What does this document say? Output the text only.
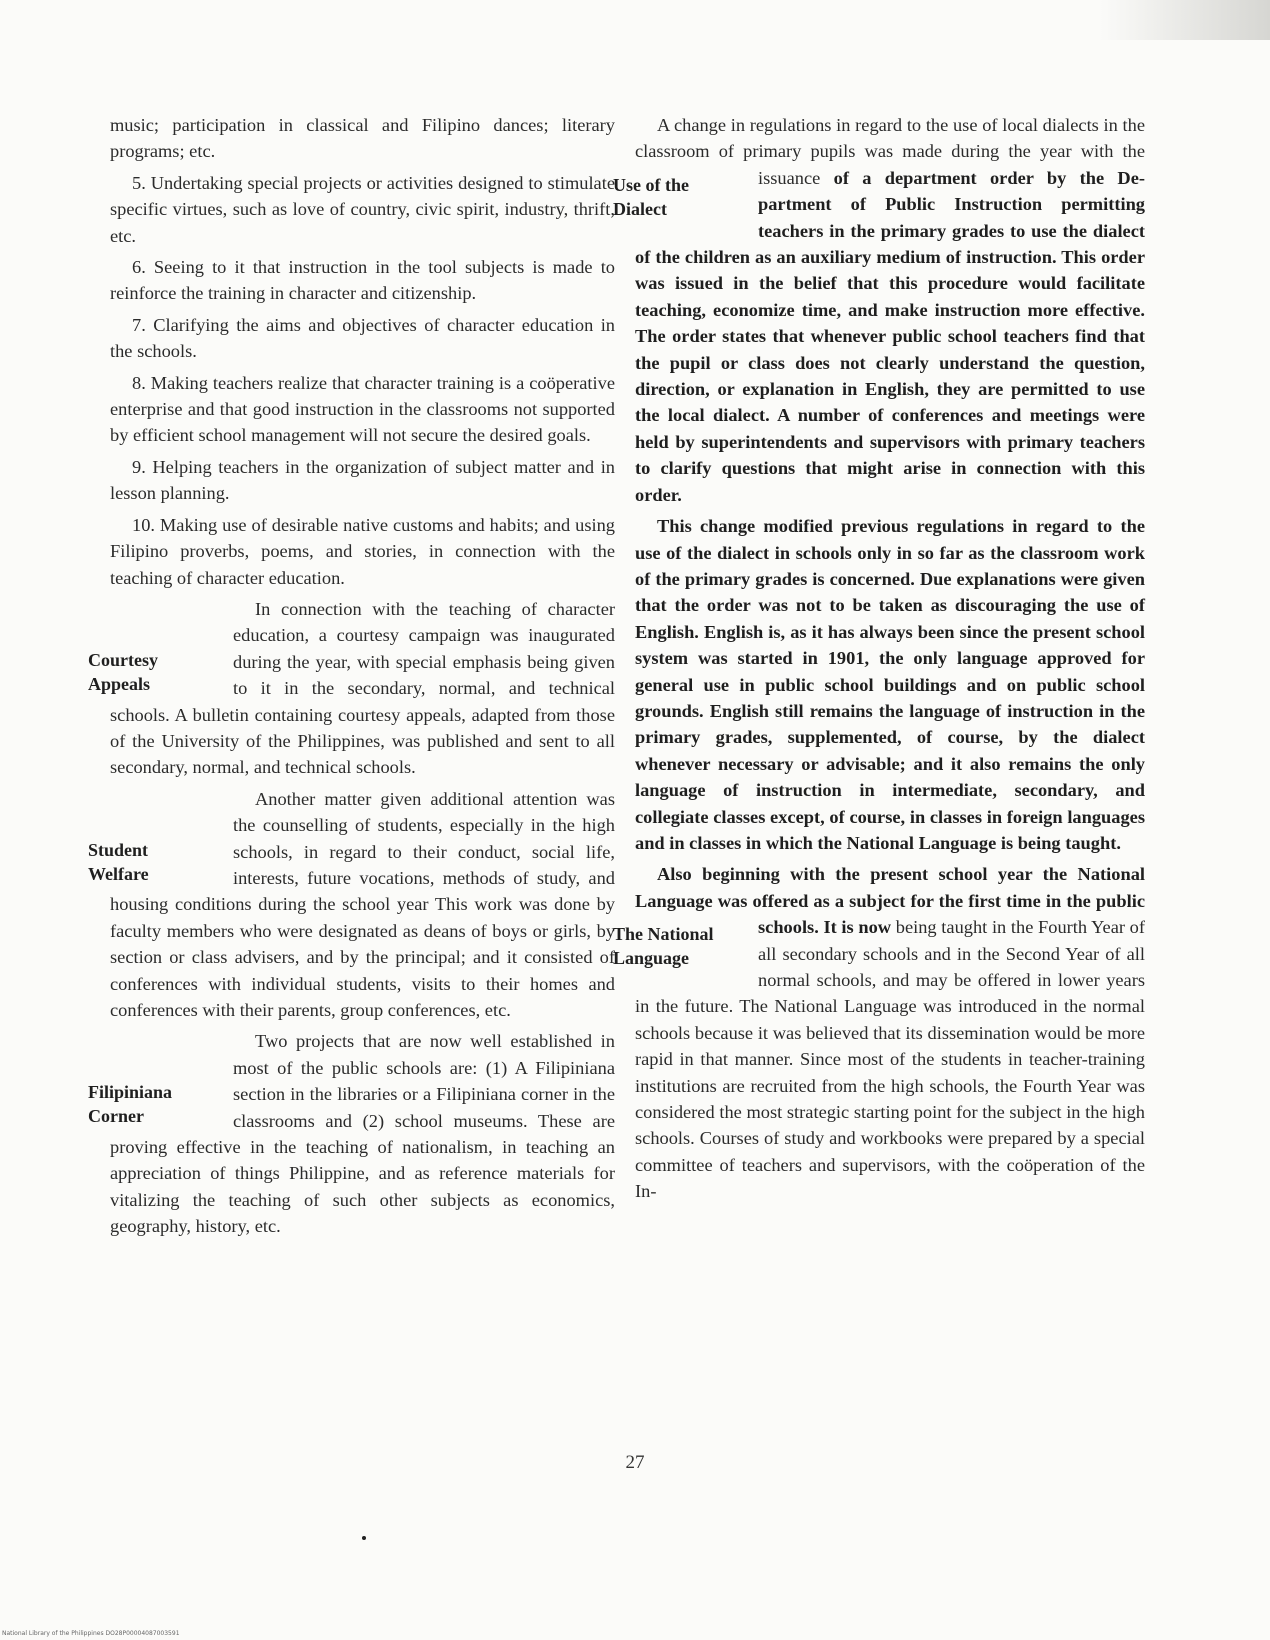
music; participation in classical and Filipino dances; literary programs; etc.

5. Undertaking special projects or activities designed to stimulate specific virtues, such as love of country, civic spirit, industry, thrift, etc.

6. Seeing to it that instruction in the tool subjects is made to reinforce the training in character and citizenship.

7. Clarifying the aims and objectives of character education in the schools.

8. Making teachers realize that character training is a coöperative enterprise and that good instruction in the classrooms not supported by efficient school management will not secure the desired goals.

9. Helping teachers in the organization of subject matter and in lesson planning.

10. Making use of desirable native customs and habits; and using Filipino proverbs, poems, and stories, in connection with the teaching of character education.

Courtesy
Appeals
In connection with the teaching of character education, a courtesy campaign was inaugurated during the year, with special emphasis being given to it in the secondary, normal, and technical schools. A bulletin containing courtesy appeals, adapted from those of the University of the Philippines, was published and sent to all secondary, normal, and technical schools.

Student
Welfare
Another matter given additional attention was the counselling of students, especially in the high schools, in regard to their conduct, social life, interests, future vocations, methods of study, and housing conditions during the school year This work was done by faculty members who were designated as deans of boys or girls, by section or class advisers, and by the principal; and it consisted of conferences with individual students, visits to their homes and conferences with their parents, group conferences, etc.

Filipiniana
Corner
Two projects that are now well established in most of the public schools are: (1) A Filipiniana section in the libraries or a Filipiniana corner in the classrooms and (2) school museums. These are proving effective in the teaching of nationalism, in teaching an appreciation of things Philippine, and as reference materials for vitalizing the teaching of such other subjects as economics, geography, history, etc.

A change in regulations in regard to the use of local dialects in the classroom of primary pupils was made during the year with the issuance
Use of the
Dialect
of a department order by the Department of Public Instruction permitting teachers in the primary grades to use the dialect of the children as an auxiliary medium of instruction. This order was issued in the belief that this procedure would facilitate teaching, economize time, and make instruction more effective. The order states that whenever public school teachers find that the pupil or class does not clearly understand the question, direction, or explanation in English, they are permitted to use the local dialect. A number of conferences and meetings were held by superintendents and supervisors with primary teachers to clarify questions that might arise in connection with this order.

This change modified previous regulations in regard to the use of the dialect in schools only in so far as the classroom work of the primary grades is concerned. Due explanations were given that the order was not to be taken as discouraging the use of English. English is, as it has always been since the present school system was started in 1901, the only language approved for general use in public school buildings and on public school grounds. English still remains the language of instruction in the primary grades, supplemented, of course, by the dialect whenever necessary or advisable; and it also remains the only language of instruction in intermediate, secondary, and collegiate classes except, of course, in classes in foreign languages and in classes in which the National Language is being taught.

Also beginning with the present school year the National Language was offered as a subject for the first time in the public schools. It is now
The National
Language
being taught in the Fourth Year of all secondary schools and in the Second Year of all normal schools, and may be offered in lower years in the future. The National Language was introduced in the normal schools because it was believed that its dissemination would be more rapid in that manner. Since most of the students in teacher-training institutions are recruited from the high schools, the Fourth Year was considered the most strategic starting point for the subject in the high schools. Courses of study and workbooks were prepared by a special committee of teachers and supervisors, with the coöperation of the In-

27
National Library of the Philippines DO28P00004087003591
